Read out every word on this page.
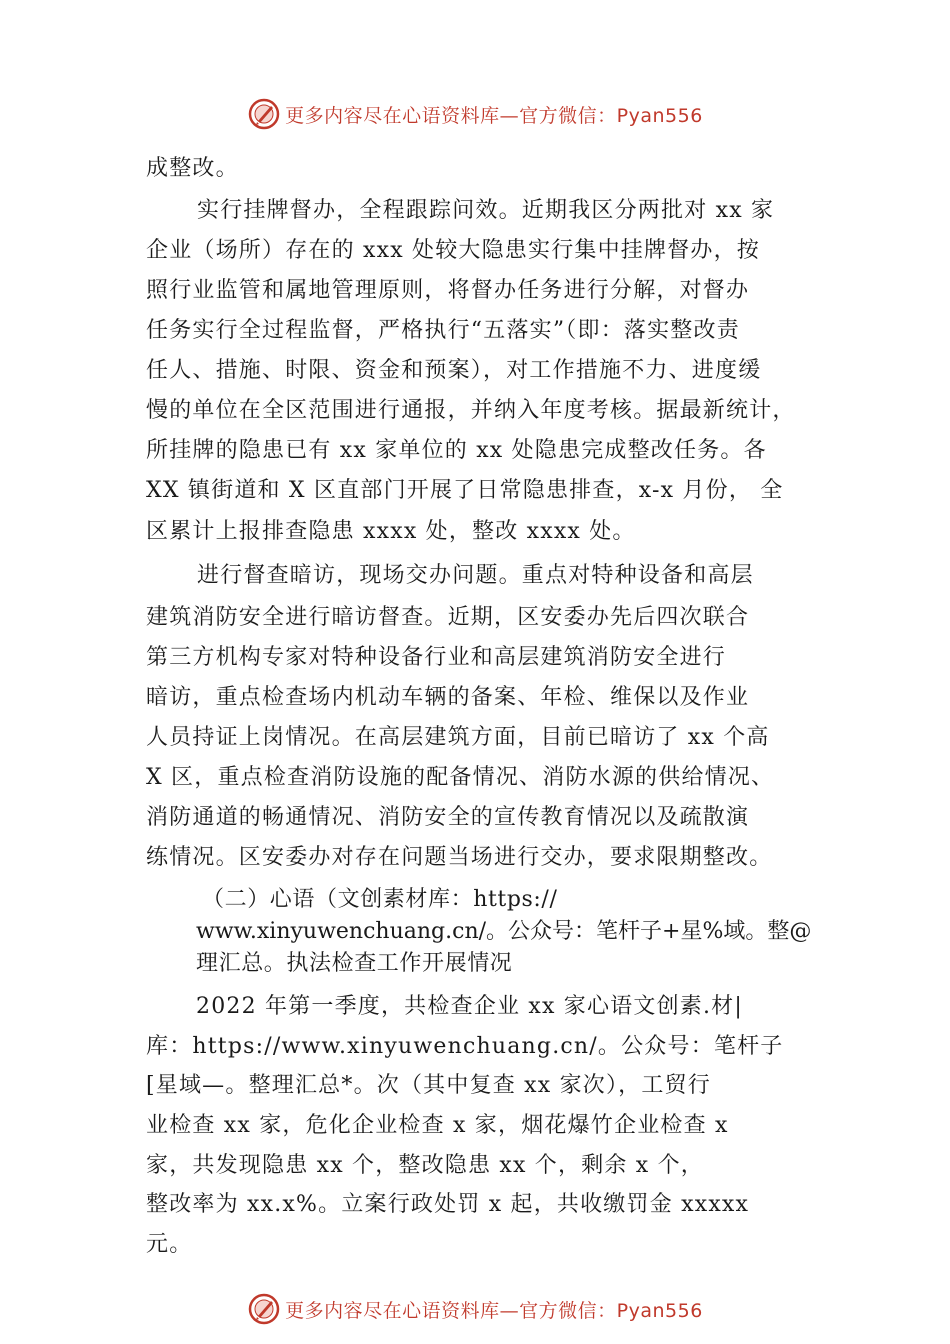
更多内容尽在心语资料库—官方微信：Pyan556
成整改。
实行挂牌督办，全程跟踪问效。近期我区分两批对 xx 家
企业（场所）存在的 xxx 处较大隐患实行集中挂牌督办，按
照行业监管和属地管理原则，将督办任务进行分解，对督办
任务实行全过程监督，严格执行“五落实”（即：落实整改责
任人、措施、时限、资金和预案），对工作措施不力、进度缓
慢的单位在全区范围进行通报，并纳入年度考核。据最新统计，
所挂牌的隐患已有 xx 家单位的 xx 处隐患完成整改任务。各
XX 镇街道和 X 区直部门开展了日常隐患排查，x-x 月份， 全
区累计上报排查隐患 xxxx 处，整改 xxxx 处。
进行督查暗访，现场交办问题。重点对特种设备和高层
建筑消防安全进行暗访督查。近期，区安委办先后四次联合
第三方机构专家对特种设备行业和高层建筑消防安全进行
暗访，重点检查场内机动车辆的备案、年检、维保以及作业
人员持证上岗情况。在高层建筑方面，目前已暗访了 xx 个高
X 区，重点检查消防设施的配备情况、消防水源的供给情况、
消防通道的畅通情况、消防安全的宣传教育情况以及疏散演
练情况。区安委办对存在问题当场进行交办，要求限期整改。
（二）心语（文创素材库：https://
www.xinyuwenchuang.cn/。公众号：笔杆子+星%域。整@
理汇总。执法检查工作开展情况
2022 年第一季度，共检查企业 xx 家心语文创素.材|
库：https://www.xinyuwenchuang.cn/。公众号：笔杆子
[星域—。整理汇总*。次（其中复查 xx 家次），工贸行
业检查 xx 家，危化企业检查 x 家，烟花爆竹企业检查 x
家，共发现隐患 xx 个，整改隐患 xx 个，剩余 x 个，
整改率为 xx.x%。立案行政处罚 x 起，共收缴罚金 xxxxx
元。
更多内容尽在心语资料库—官方微信：Pyan556
